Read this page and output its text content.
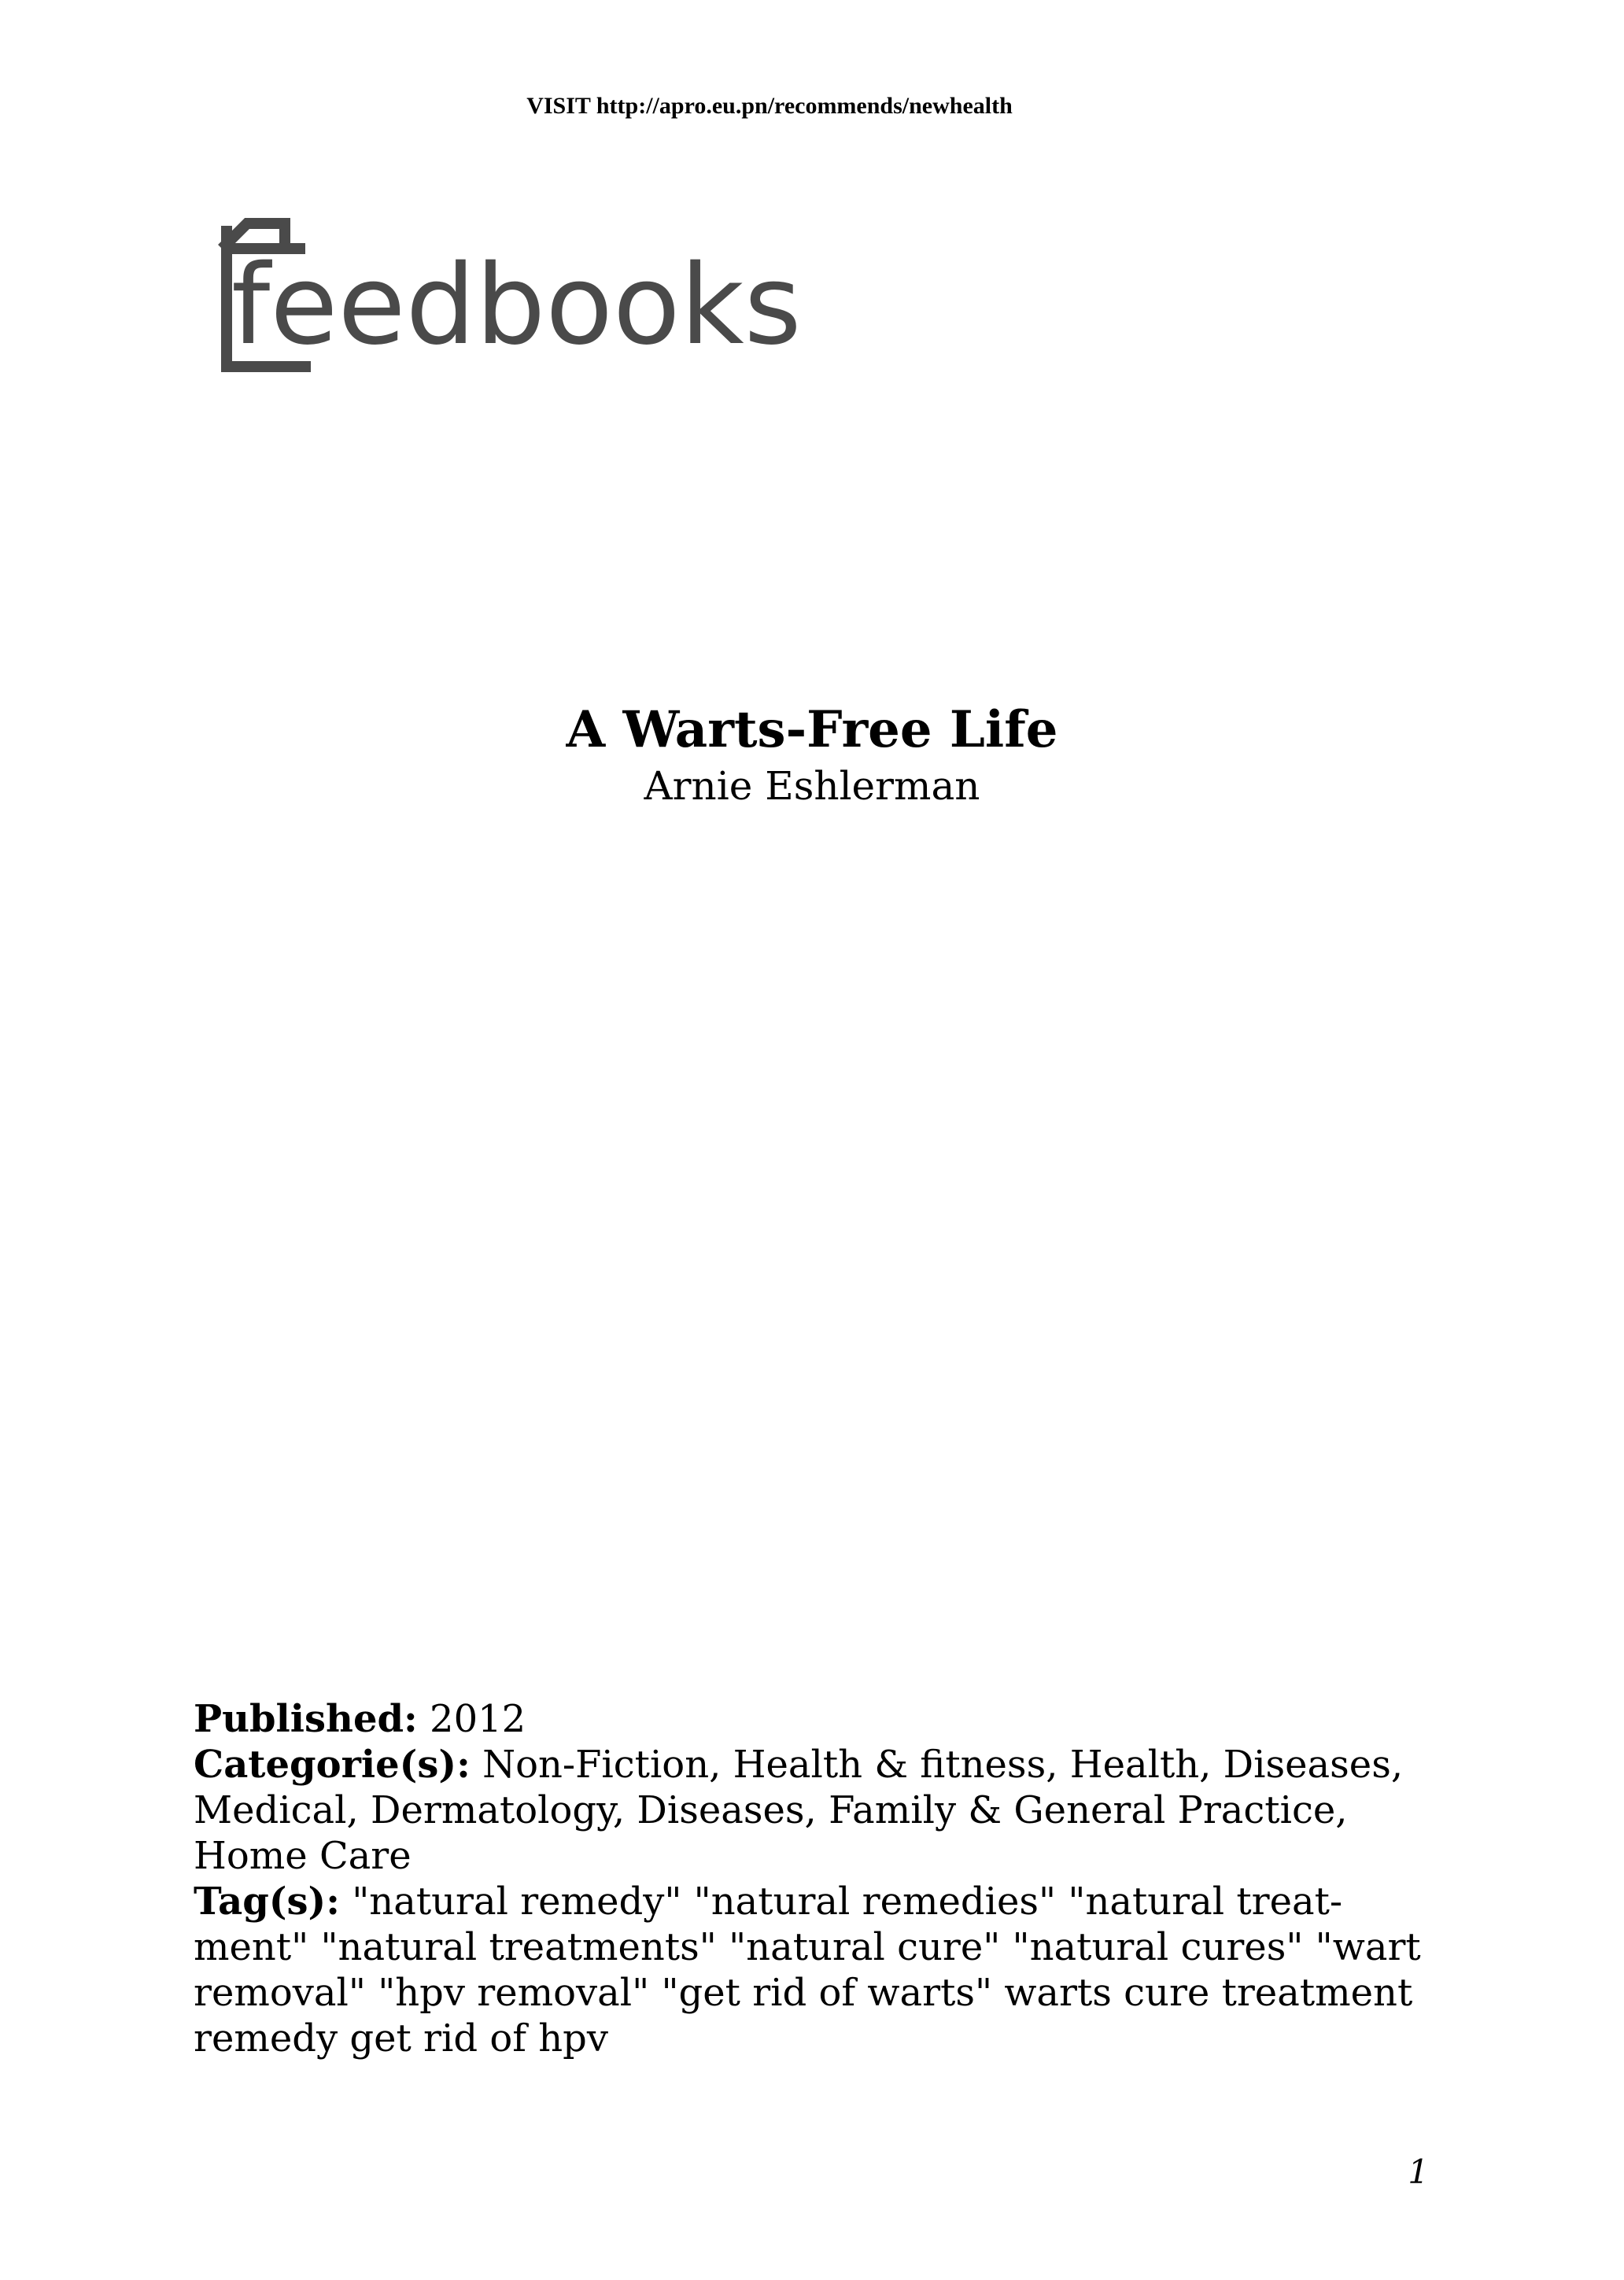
VISIT http://apro.eu.pn/recommends/newhealth
feedbooks

A Warts-Free Life

Arnie Eshlerman

Published: 2012

Categorie(s): Non-Fiction, Health & fitness, Health, Diseases, Medical, Dermatology, Diseases, Family & General Practice, Home Care

Tag(s): "natural remedy" "natural remedies" "natural treat- ment" "natural treatments" "natural cure" "natural cures" "wart removal" "hpv removal" "get rid of warts" warts cure treatment remedy get rid of hpv

1
